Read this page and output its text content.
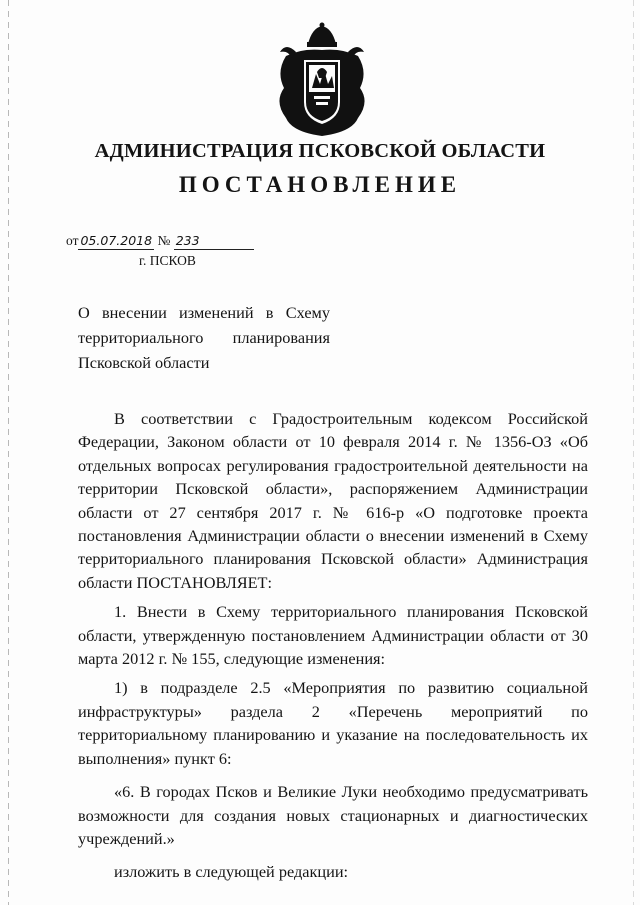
АДМИНИСТРАЦИЯ ПСКОВСКОЙ ОБЛАСТИ
ПОСТАНОВЛЕНИЕ
от 05.07.2018 № 233
г. ПСКОВ
О внесении изменений в Схему
территориального планирования
Псковской области

В соответствии с Градостроительным кодексом Российской Федерации, Законом области от 10 февраля 2014 г. № 1356-ОЗ «Об отдельных вопросах регулирования градостроительной деятельности на территории Псковской области», распоряжением Администрации области от 27 сентября 2017 г. № 616-р «О подготовке проекта постановления Администрации области о внесении изменений в Схему территориального планирования Псковской области» Администрация области ПОСТАНОВЛЯЕТ:

1. Внести в Схему территориального планирования Псковской области, утвержденную постановлением Администрации области от 30 марта 2012 г. № 155, следующие изменения:

1) в подразделе 2.5 «Мероприятия по развитию социальной инфраструктуры» раздела 2 «Перечень мероприятий по территориальному планированию и указание на последовательность их выполнения» пункт 6:

«6. В городах Псков и Великие Луки необходимо предусматривать возможности для создания новых стационарных и диагностических учреждений.»

изложить в следующей редакции:
